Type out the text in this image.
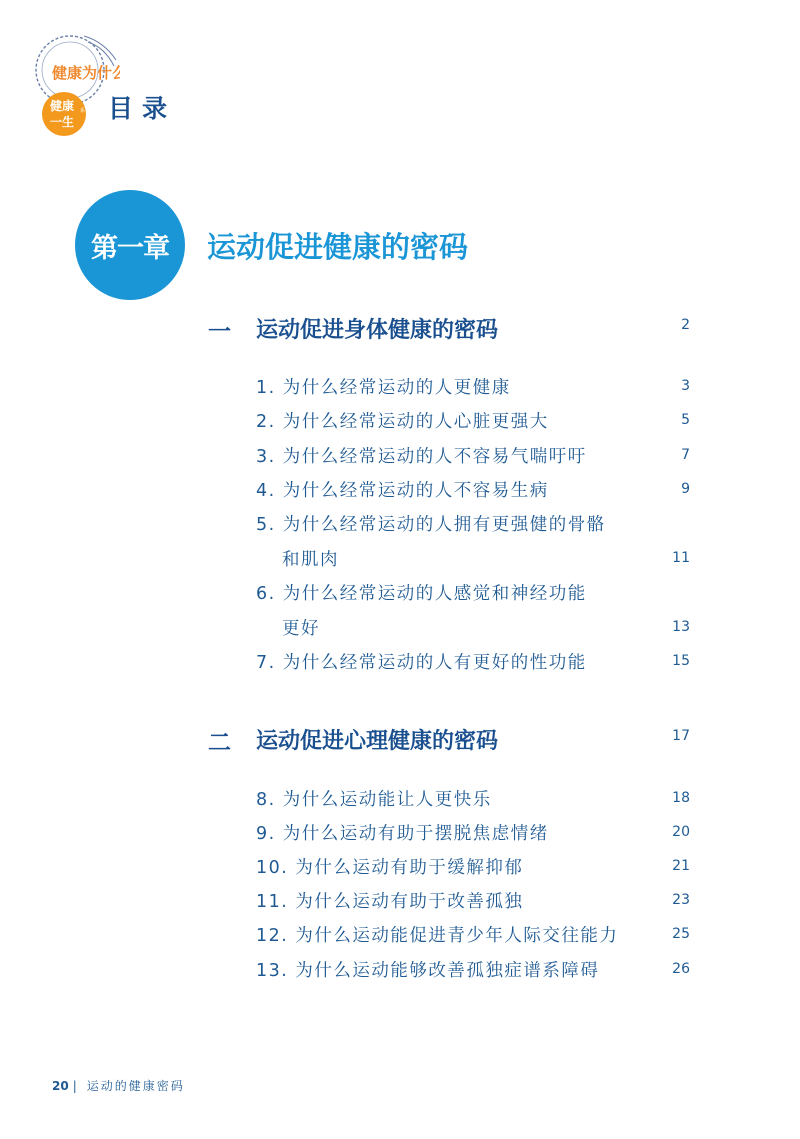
健康为什么
健康
一生
系列 目录
第一章 运动促进健康的密码
一 运动促进身体健康的密码	2
1. 为什么经常运动的人更健康	3
2. 为什么经常运动的人心脏更强大	5
3. 为什么经常运动的人不容易气喘吁吁	7
4. 为什么经常运动的人不容易生病	9
5. 为什么经常运动的人拥有更强健的骨骼
和肌肉	11
6. 为什么经常运动的人感觉和神经功能
更好	13
7. 为什么经常运动的人有更好的性功能	15
二 运动促进心理健康的密码	17
8. 为什么运动能让人更快乐	18
9. 为什么运动有助于摆脱焦虑情绪	20
10. 为什么运动有助于缓解抑郁	21
11. 为什么运动有助于改善孤独	23
12. 为什么运动能促进青少年人际交往能力	25
13. 为什么运动能够改善孤独症谱系障碍	26
20 | 运动的健康密码
